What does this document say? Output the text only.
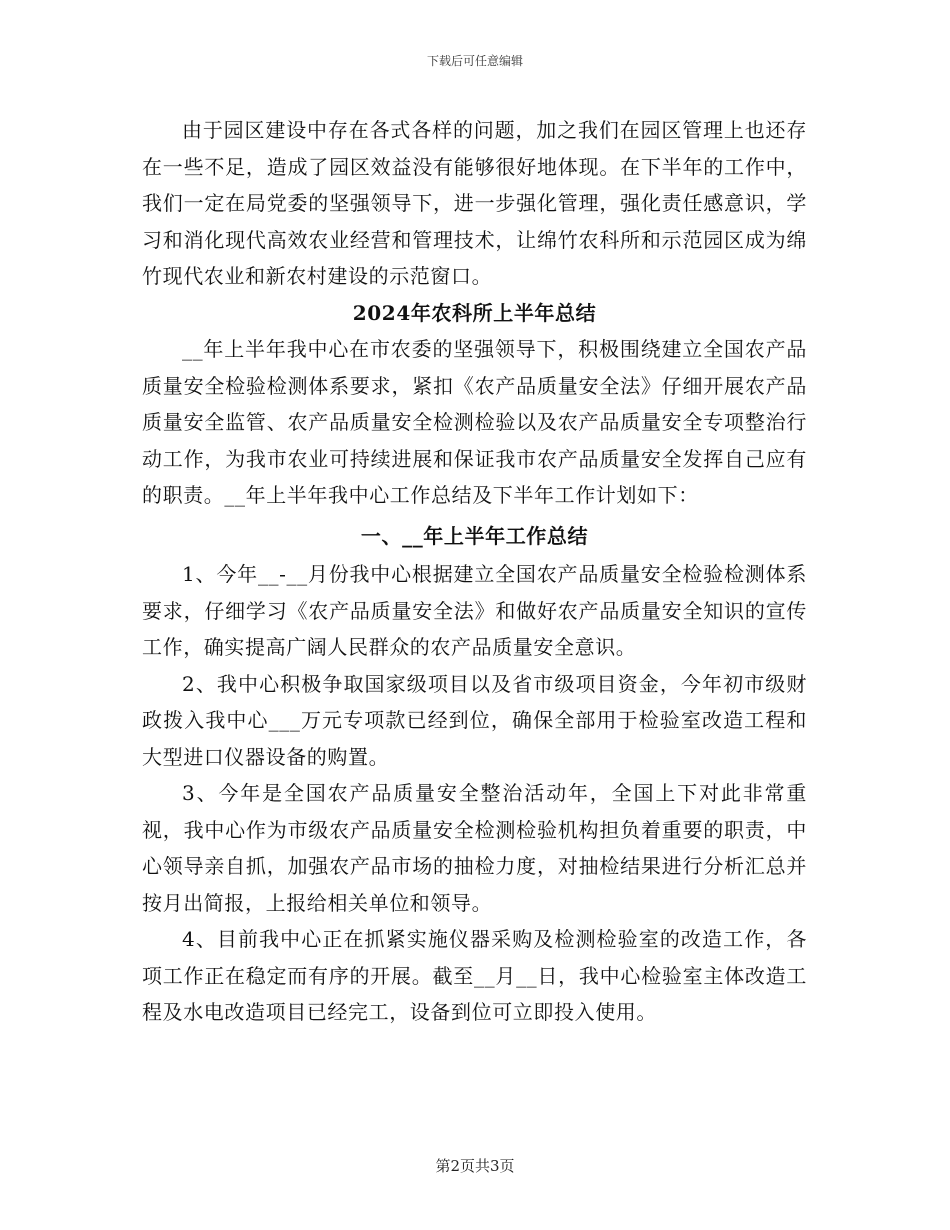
下载后可任意编辑

由于园区建设中存在各式各样的问题，加之我们在园区管理上也还存在一些不足，造成了园区效益没有能够很好地体现。在下半年的工作中，我们一定在局党委的坚强领导下，进一步强化管理，强化责任感意识，学习和消化现代高效农业经营和管理技术，让绵竹农科所和示范园区成为绵竹现代农业和新农村建设的示范窗口。

2024年农科所上半年总结

__年上半年我中心在市农委的坚强领导下，积极围绕建立全国农产品质量安全检验检测体系要求，紧扣《农产品质量安全法》仔细开展农产品质量安全监管、农产品质量安全检测检验以及农产品质量安全专项整治行动工作，为我市农业可持续进展和保证我市农产品质量安全发挥自己应有的职责。__年上半年我中心工作总结及下半年工作计划如下：

一、__年上半年工作总结

1、今年__-__月份我中心根据建立全国农产品质量安全检验检测体系要求，仔细学习《农产品质量安全法》和做好农产品质量安全知识的宣传工作，确实提高广阔人民群众的农产品质量安全意识。

2、我中心积极争取国家级项目以及省市级项目资金，今年初市级财政拨入我中心___万元专项款已经到位，确保全部用于检验室改造工程和大型进口仪器设备的购置。

3、今年是全国农产品质量安全整治活动年，全国上下对此非常重视，我中心作为市级农产品质量安全检测检验机构担负着重要的职责，中心领导亲自抓，加强农产品市场的抽检力度，对抽检结果进行分析汇总并按月出简报，上报给相关单位和领导。

4、目前我中心正在抓紧实施仪器采购及检测检验室的改造工作，各项工作正在稳定而有序的开展。截至__月__日，我中心检验室主体改造工程及水电改造项目已经完工，设备到位可立即投入使用。

第2页共3页
